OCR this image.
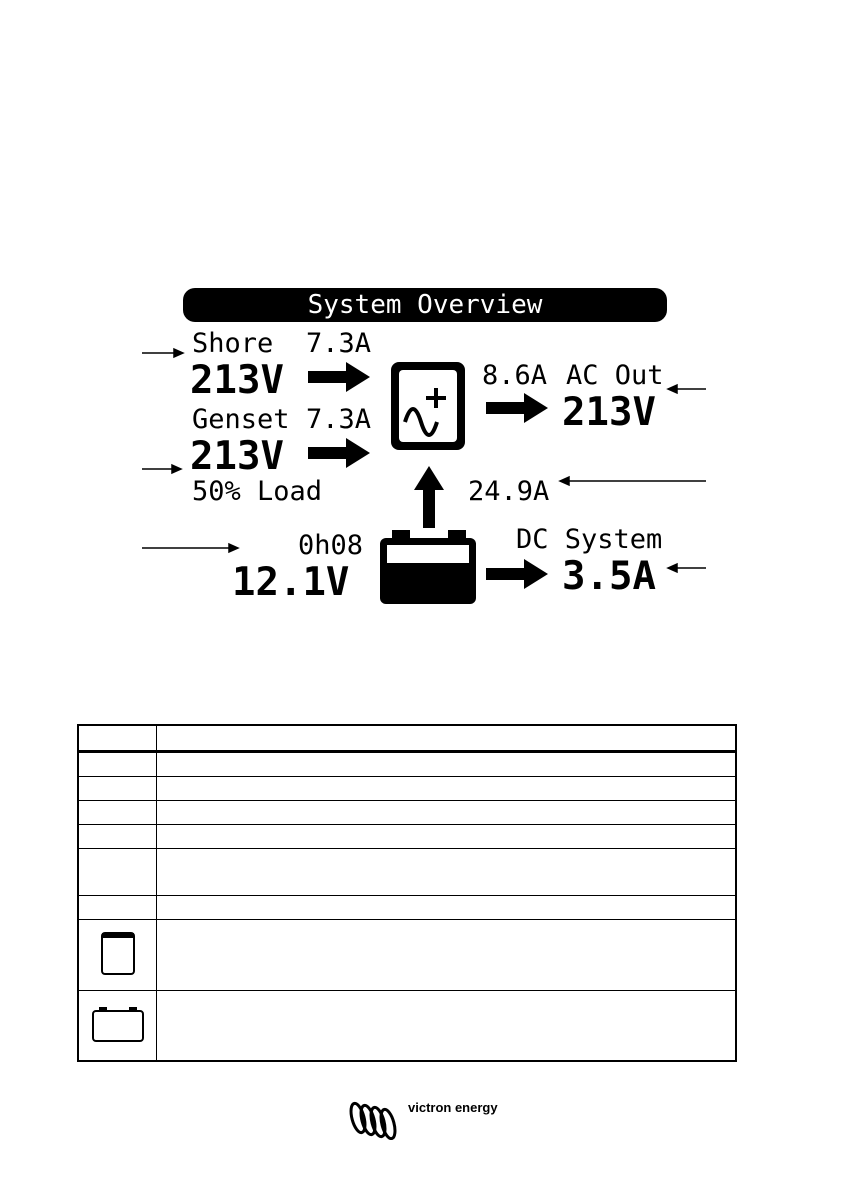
System Overview
Shore 7.3A
213V
Genset 7.3A
213V
50% Load
0h08
12.1V
8.6A AC Out
213V
24.9A
DC System
3.5A

victron energy
